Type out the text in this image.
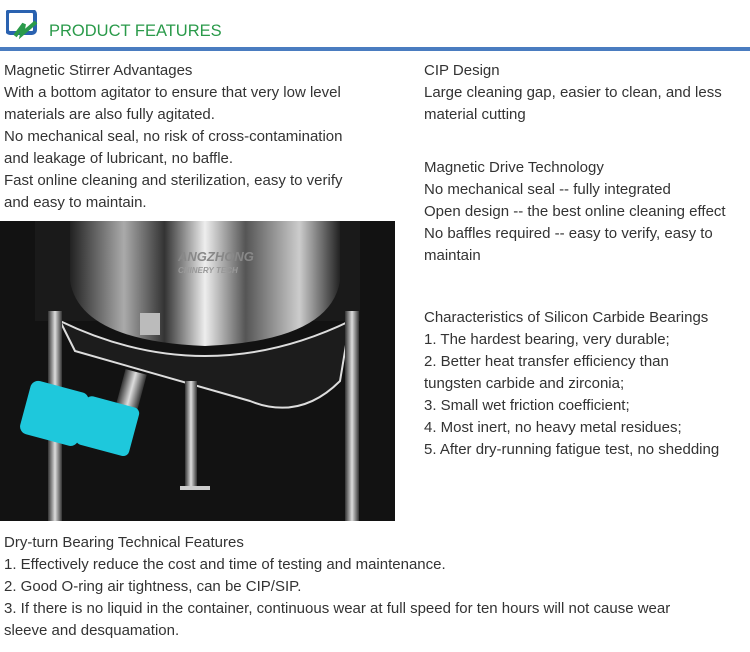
PRODUCT FEATURES
Magnetic Stirrer Advantages
With a bottom agitator to ensure that very low level
materials are also fully agitated.
No mechanical seal, no risk of cross-contamination
and leakage of lubricant, no baffle.
Fast online cleaning and sterilization, easy to verify
and easy to maintain.
CIP Design
Large cleaning gap, easier to clean, and less
material cutting
Magnetic Drive Technology
No mechanical seal -- fully integrated
Open design -- the best online cleaning effect
No baffles required -- easy to verify, easy to
maintain
Characteristics of Silicon Carbide Bearings
1. The hardest bearing, very durable;
2. Better heat transfer efficiency than
tungsten carbide and zirconia;
3. Small wet friction coefficient;
4. Most inert, no heavy metal residues;
5. After dry-running fatigue test, no shedding
ANGZHONG
CHINERY TECH
Dry-turn Bearing Technical Features
1. Effectively reduce the cost and time of testing and maintenance.
2. Good O-ring air tightness, can be CIP/SIP.
3. If there is no liquid in the container, continuous wear at full speed for ten hours will not cause wear
sleeve and desquamation.
